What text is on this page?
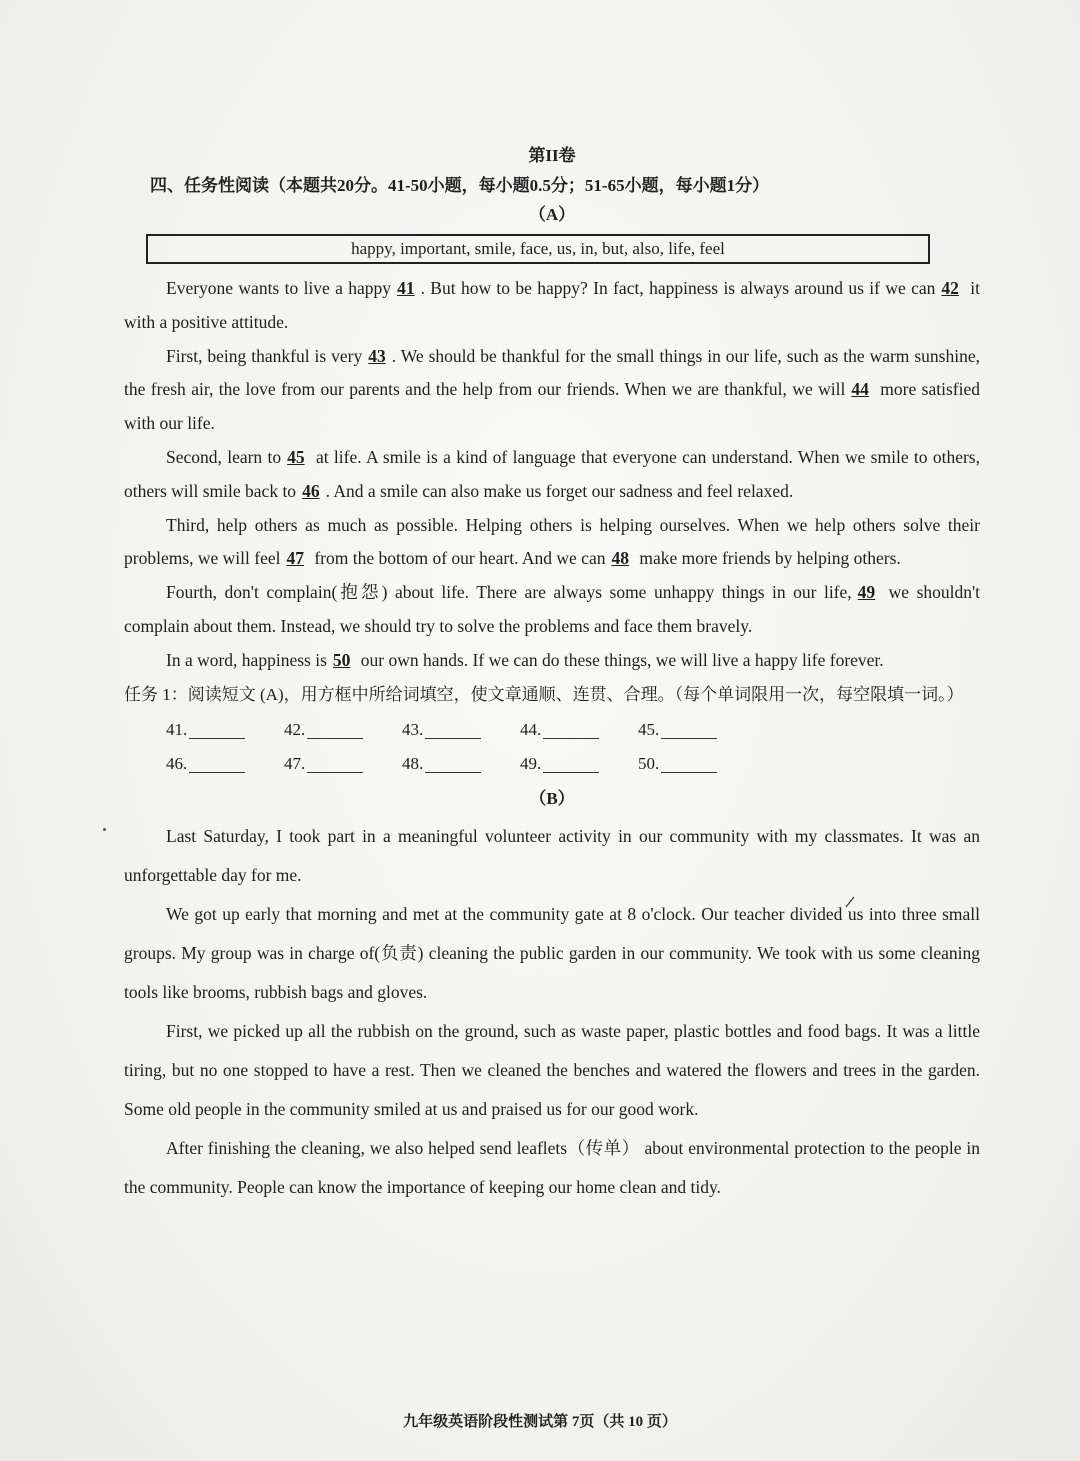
第II卷
四、任务性阅读（本题共20分。41-50小题，每小题0.5分；51-65小题，每小题1分）
（A）
happy, important, smile, face, us, in, but, also, life, feel

Everyone wants to live a happy 41 . But how to be happy? In fact, happiness is always around us if we can 42 it with a positive attitude.

First, being thankful is very 43 . We should be thankful for the small things in our life, such as the warm sunshine, the fresh air, the love from our parents and the help from our friends. When we are thankful, we will 44 more satisfied with our life.

Second, learn to 45 at life. A smile is a kind of language that everyone can understand. When we smile to others, others will smile back to 46 . And a smile can also make us forget our sadness and feel relaxed.

Third, help others as much as possible. Helping others is helping ourselves. When we help others solve their problems, we will feel 47 from the bottom of our heart. And we can 48 make more friends by helping others.

Fourth, don't complain(抱怨) about life. There are always some unhappy things in our life, 49 we shouldn't complain about them. Instead, we should try to solve the problems and face them bravely.

In a word, happiness is 50 our own hands. If we can do these things, we will live a happy life forever.

任务 1：阅读短文 (A)，用方框中所给词填空，使文章通顺、连贯、合理。（每个单词限用一次，每空限填一词。）
41.	42.	43.	44.	45.
46.	47.	48.	49.	50.
（B）

Last Saturday, I took part in a meaningful volunteer activity in our community with my classmates. It was an unforgettable day for me.

We got up early that morning and met at the community gate at 8 o'clock. Our teacher divided us into three small groups. My group was in charge of(负责) cleaning the public garden in our community. We took with us some cleaning tools like brooms, rubbish bags and gloves.

First, we picked up all the rubbish on the ground, such as waste paper, plastic bottles and food bags. It was a little tiring, but no one stopped to have a rest. Then we cleaned the benches and watered the flowers and trees in the garden. Some old people in the community smiled at us and praised us for our good work.

After finishing the cleaning, we also helped send leaflets（传单） about environmental protection to the people in the community. People can know the importance of keeping our home clean and tidy.

九年级英语阶段性测试第 7页（共 10 页）
